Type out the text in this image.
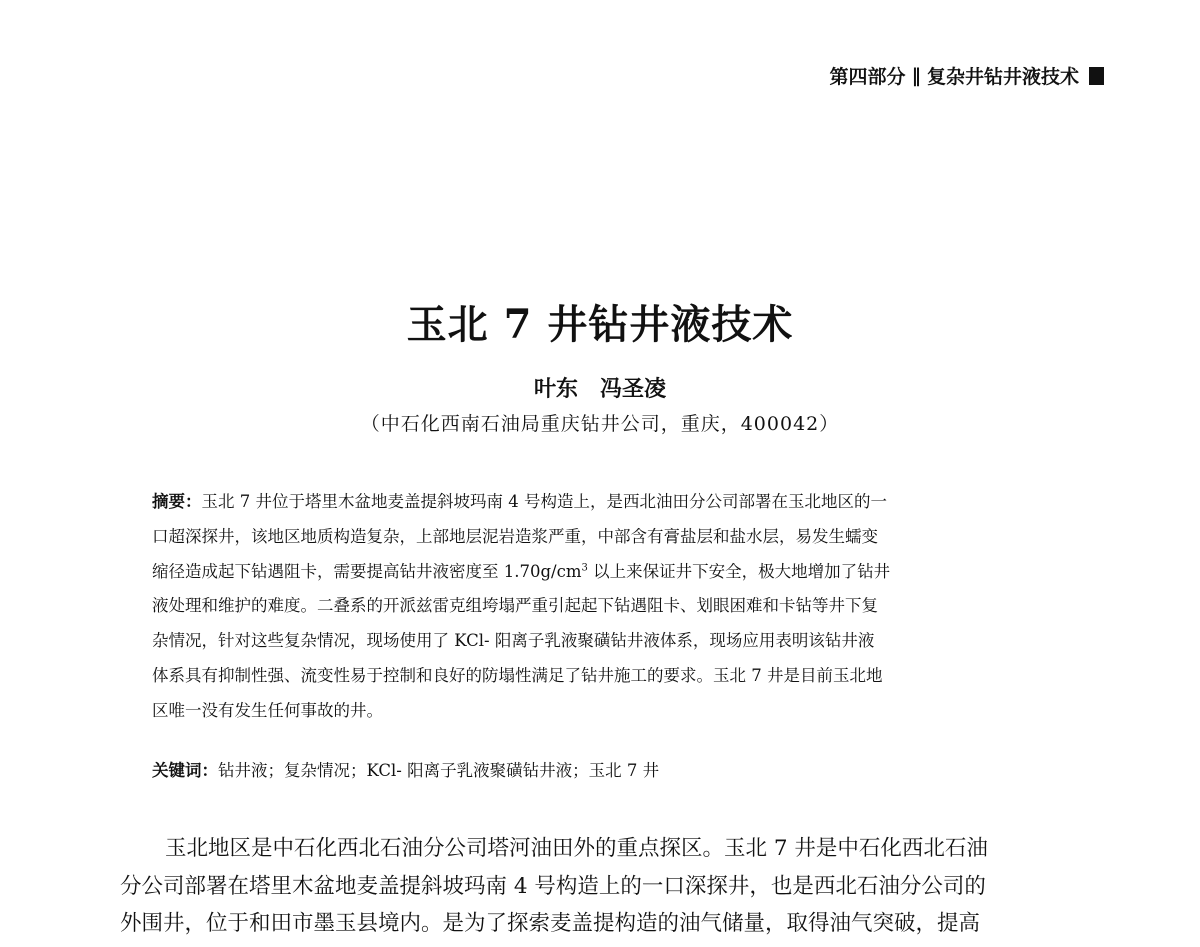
第四部分 ‖ 复杂井钻井液技术
玉北 7 井钻井液技术
叶东　冯圣凌
（中石化西南石油局重庆钻井公司，重庆，400042）
摘要：玉北 7 井位于塔里木盆地麦盖提斜坡玛南 4 号构造上，是西北油田分公司部署在玉北地区的一
口超深探井，该地区地质构造复杂，上部地层泥岩造浆严重，中部含有膏盐层和盐水层，易发生蠕变
缩径造成起下钻遇阻卡，需要提高钻井液密度至 $1.70g/cm^3$ 以上来保证井下安全，极大地增加了钻井
液处理和维护的难度。二叠系的开派兹雷克组垮塌严重引起起下钻遇阻卡、划眼困难和卡钻等井下复
杂情况，针对这些复杂情况，现场使用了 KCl- 阳离子乳液聚磺钻井液体系，现场应用表明该钻井液
体系具有抑制性强、流变性易于控制和良好的防塌性满足了钻井施工的要求。玉北 7 井是目前玉北地
区唯一没有发生任何事故的井。
关键词：钻井液；复杂情况；KCl- 阳离子乳液聚磺钻井液；玉北 7 井
玉北地区是中石化西北石油分公司塔河油田外的重点探区。玉北 7 井是中石化西北石油
分公司部署在塔里木盆地麦盖提斜坡玛南 4 号构造上的一口深探井，也是西北石油分公司的
外围井，位于和田市墨玉县境内。是为了探索麦盖提构造的油气储量，取得油气突破，提高
